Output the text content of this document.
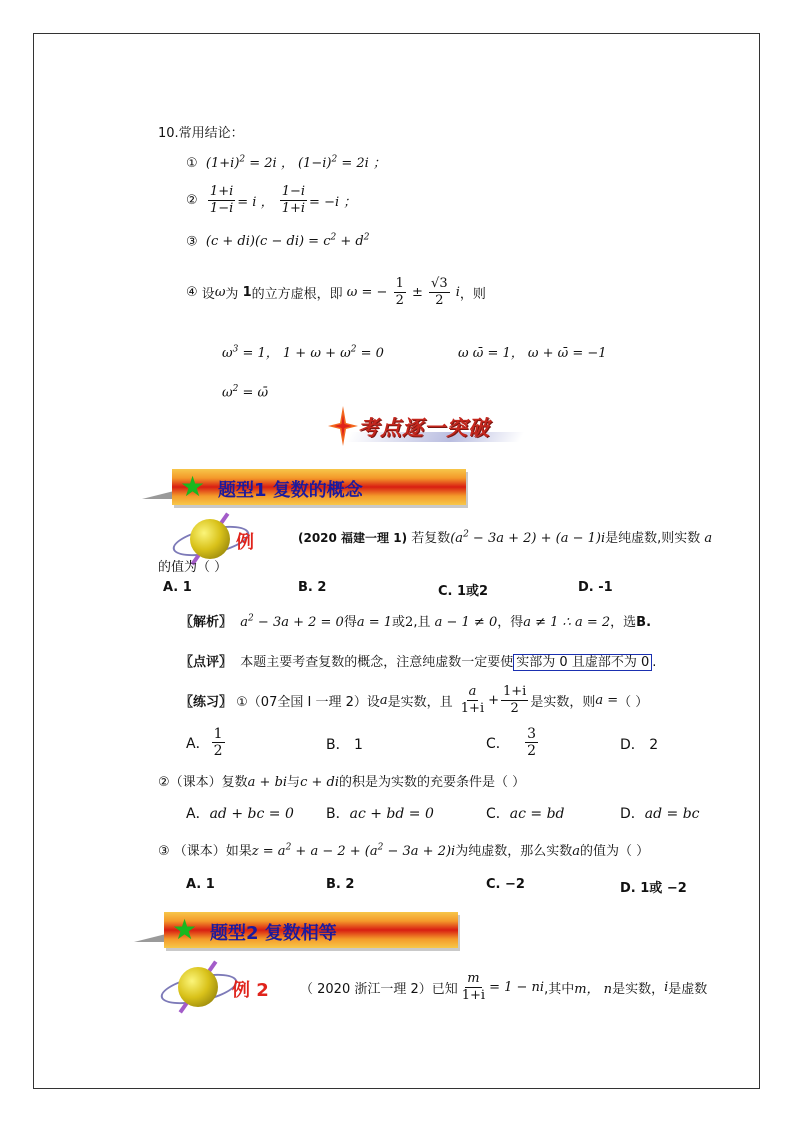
10.常用结论：
① $(1+i)^2 = 2i$ ， $(1-i)^2 = 2i$ ；
② $\frac{1+i}{1-i} = i$ ， $\frac{1-i}{1+i} = -i$ ；
③ $(c + di)(c - di) = c^2 + d^2$
④ 设ω为 1的立方虚根，即 ω = − $\frac{1}{2} \pm \frac{√3}{2}$ i，则
$\omega^3 = 1$， $1 + \omega + \omega^2 = 0$	ω ω̄ = 1， ω + ω̄ = −1
$\omega^2$ = ω̄
考点逐一突破
★ 题型1 复数的概念
例	(2020 福建一理 1) 若复数$(a^2 - 3a + 2) + (a - 1)i$是纯虚数,则实数 a
的值为（ ）
A. 1	B. 2	C. 1或2	D. -1
〖解析〗 $a^2 - 3a + 2 = 0$得a = 1或2,且 a − 1 ≠ 0，得a ≠ 1 ∴ a = 2，选B.
〖点评〗 本题主要考查复数的概念，注意纯虚数一定要使 实部为 0 且虚部不为 0 .
〖练习〗 ①（07全国 I 一理 2）设a是实数，且 $\frac{a}{1+i} + \frac{1+i}{2}$ 是实数，则a =（ ）
A． $\frac{1}{2}$	B． 1	C． $\frac{3}{2}$	D． 2
②（课本）复数a + bi与c + di的积是为实数的充要条件是（ ）
A．ad + bc = 0 B．ac + bd = 0	C．ac = bd	D．ad = bc
③ （课本）如果$z = a^2 + a - 2 + (a^2 - 3a + 2)i$为纯虚数，那么实数a的值为（ ）
A. 1	B. 2	C. −2	D. 1或 −2
★ 题型2 复数相等
例 2 （ 2020 浙江一理 2）已知 $\frac{m}{1+i} = 1$ − ni,其中m， n是实数，i是虚数
